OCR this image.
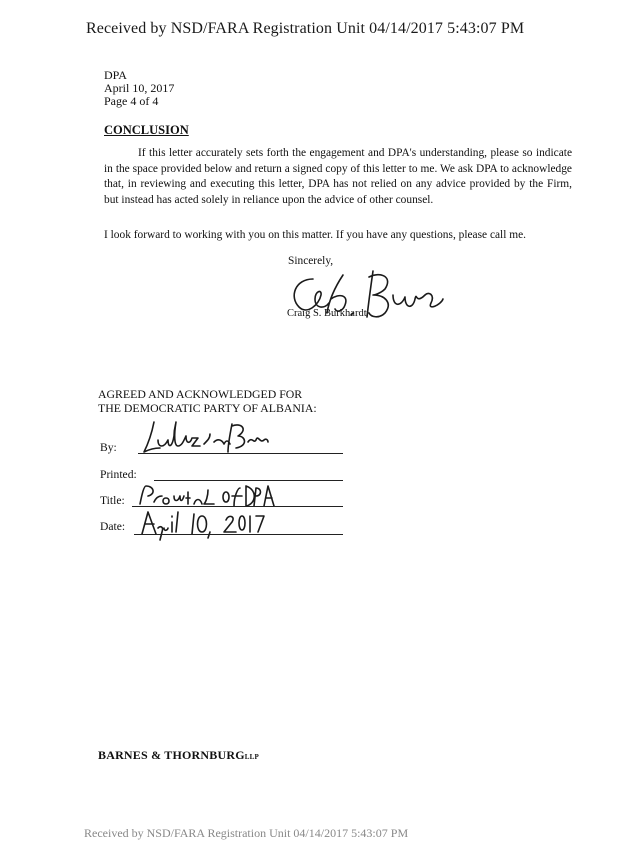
Received by NSD/FARA Registration Unit 04/14/2017 5:43:07 PM
DPA
April 10, 2017
Page 4 of 4
CONCLUSION
If this letter accurately sets forth the engagement and DPA's understanding, please so indicate in the space provided below and return a signed copy of this letter to me. We ask DPA to acknowledge that, in reviewing and executing this letter, DPA has not relied on any advice provided by the Firm, but instead has acted solely in reliance upon the advice of other counsel.
I look forward to working with you on this matter. If you have any questions, please call me.
Sincerely,
Craig S. Burkhardt
AGREED AND ACKNOWLEDGED FOR
THE DEMOCRATIC PARTY OF ALBANIA:
By:
Printed:
Title:
Date:
BARNES & THORNBURGLLP
Received by NSD/FARA Registration Unit 04/14/2017 5:43:07 PM
